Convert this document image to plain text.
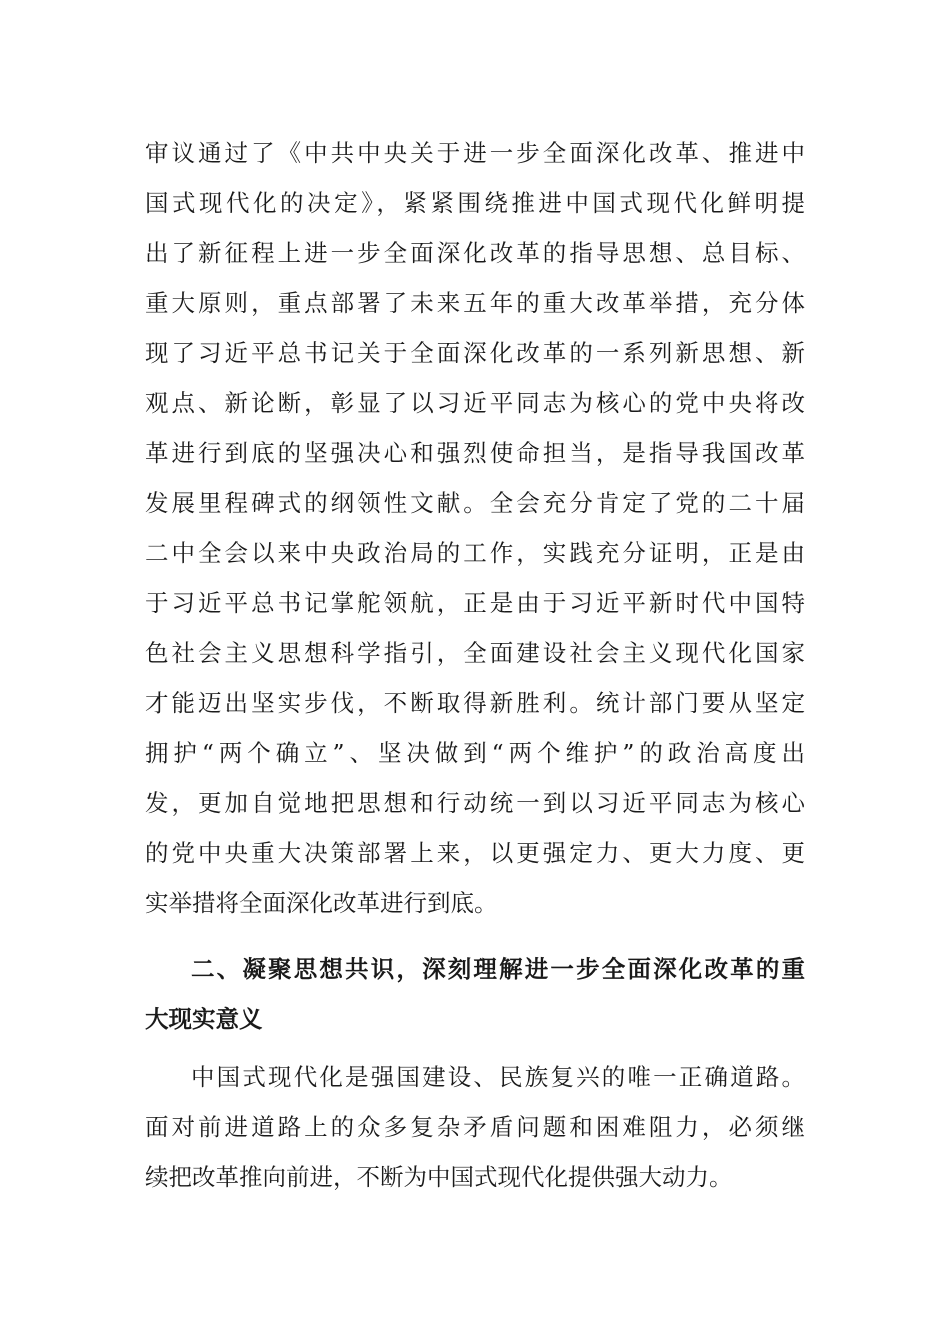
审议通过了《中共中央关于进一步全面深化改革、推进中
国式现代化的决定》，紧紧围绕推进中国式现代化鲜明提
出了新征程上进一步全面深化改革的指导思想、总目标、
重大原则，重点部署了未来五年的重大改革举措，充分体
现了习近平总书记关于全面深化改革的一系列新思想、新
观点、新论断，彰显了以习近平同志为核心的党中央将改
革进行到底的坚强决心和强烈使命担当，是指导我国改革
发展里程碑式的纲领性文献。全会充分肯定了党的二十届
二中全会以来中央政治局的工作，实践充分证明，正是由
于习近平总书记掌舵领航，正是由于习近平新时代中国特
色社会主义思想科学指引，全面建设社会主义现代化国家
才能迈出坚实步伐，不断取得新胜利。统计部门要从坚定
拥护“两个确立”、坚决做到“两个维护”的政治高度出
发，更加自觉地把思想和行动统一到以习近平同志为核心
的党中央重大决策部署上来，以更强定力、更大力度、更
实举措将全面深化改革进行到底。
二、凝聚思想共识，深刻理解进一步全面深化改革的重
大现实意义
中国式现代化是强国建设、民族复兴的唯一正确道路。
面对前进道路上的众多复杂矛盾问题和困难阻力，必须继
续把改革推向前进，不断为中国式现代化提供强大动力。
